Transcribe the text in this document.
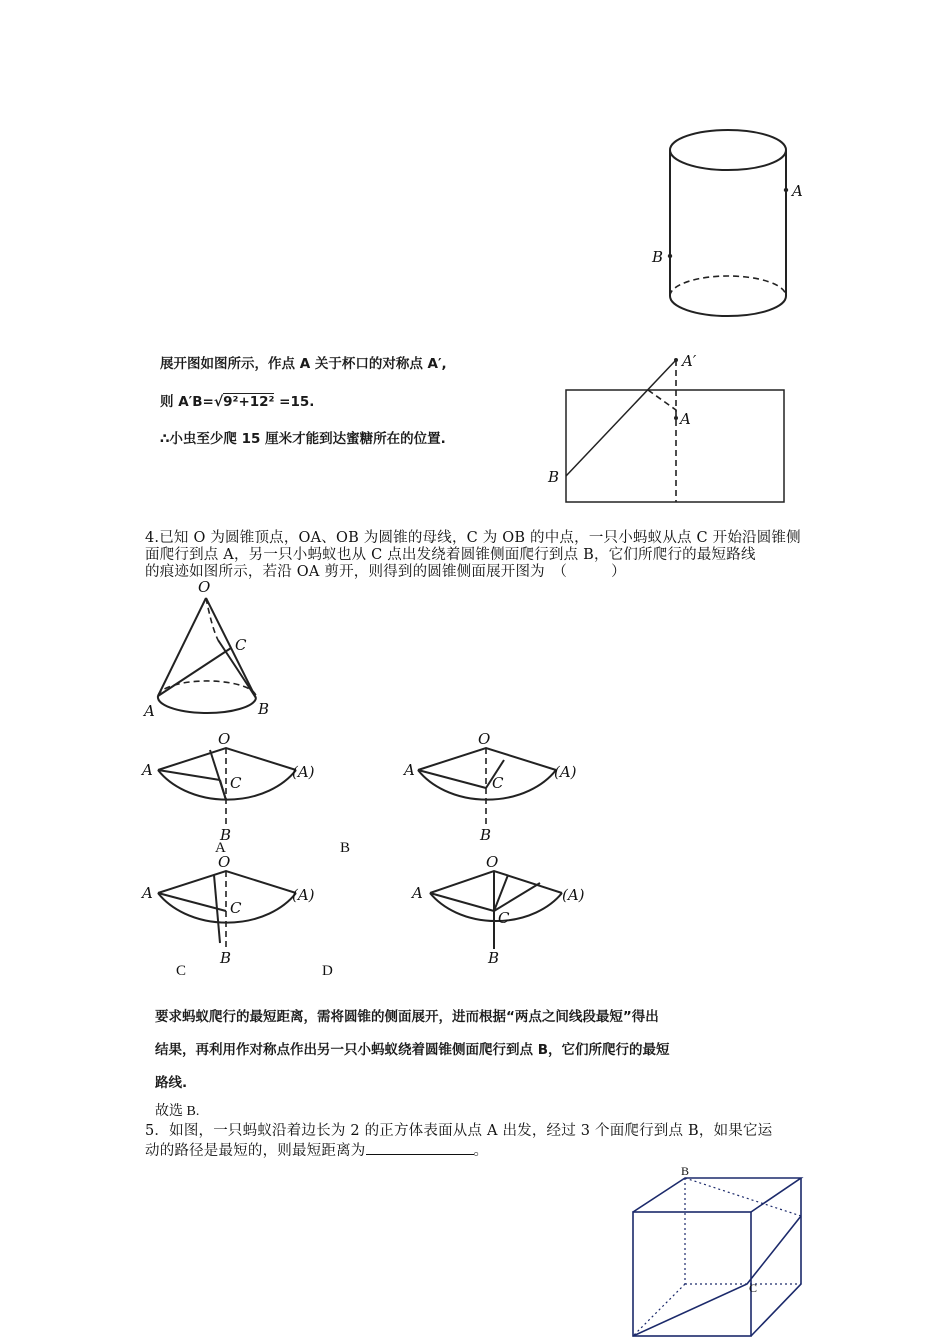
A
B
展开图如图所示，作点 A 关于杯口的对称点 A′,
则 A′B=√9²+12² =15.
∴小虫至少爬 15 厘米才能到达蜜糖所在的位置.
A′
A
B
4.已知 O 为圆锥顶点，OA、OB 为圆锥的母线，C 为 OB 的中点，一只小蚂蚁从点 C 开始沿圆锥侧
面爬行到点 A，另一只小蚂蚁也从 C 点出发绕着圆锥侧面爬行到点 B，它们所爬行的最短路线
的痕迹如图所示，若沿 OA 剪开，则得到的圆锥侧面展开图为　（　　　）
O
C
A	B
O
C
A
B
(A)
O
C
A
B
(A)
A	B
O
C
A
B
(A)
O
C
A
B
(A)
C	D
要求蚂蚁爬行的最短距离，需将圆锥的侧面展开，进而根据“两点之间线段最短”得出
结果，再利用作对称点作出另一只小蚂蚁绕着圆锥侧面爬行到点 B，它们所爬行的最短
路线.
故选 B.
5．如图，一只蚂蚁沿着边长为 2 的正方体表面从点 A 出发，经过 3 个面爬行到点 B，如果它运
动的路径是最短的，则最短距离为	。
B
C
